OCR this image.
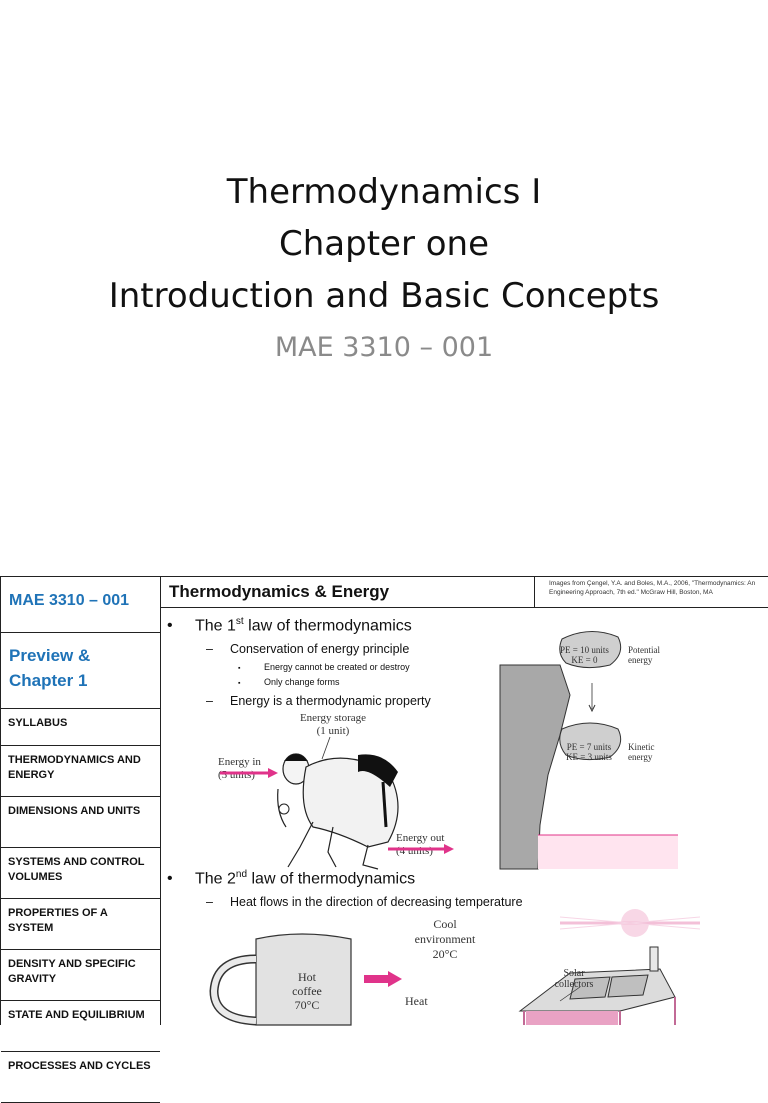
Thermodynamics I
Chapter one
Introduction and Basic Concepts
MAE 3310 – 001
MAE 3310 – 001
Preview &
Chapter 1
SYLLABUS
THERMODYNAMICS AND ENERGY
DIMENSIONS AND UNITS
SYSTEMS AND CONTROL VOLUMES
PROPERTIES OF A SYSTEM
DENSITY AND SPECIFIC GRAVITY
STATE AND EQUILIBRIUM
PROCESSES AND CYCLES
Thermodynamics & Energy	Images from Çengel, Y.A. and Boles, M.A., 2006, "Thermodynamics: An Engineering Approach, 7th ed." McGraw Hill, Boston, MA
• The 1st law of thermodynamics
– Conservation of energy principle
▪	Energy cannot be created or destroy
▪	Only change forms
– Energy is a thermodynamic property
Energy storage
(1 unit)
Energy in
(5 units)
Energy out
(4 units)
PE = 10 units
KE = 0
Potential
energy
PE = 7 units
KE = 3 units
Kinetic
energy
• The 2nd law of thermodynamics
– Heat flows in the direction of decreasing temperature
Hot
coffee
70°C
Cool
environment
20°C
Heat
Solar
collectors
